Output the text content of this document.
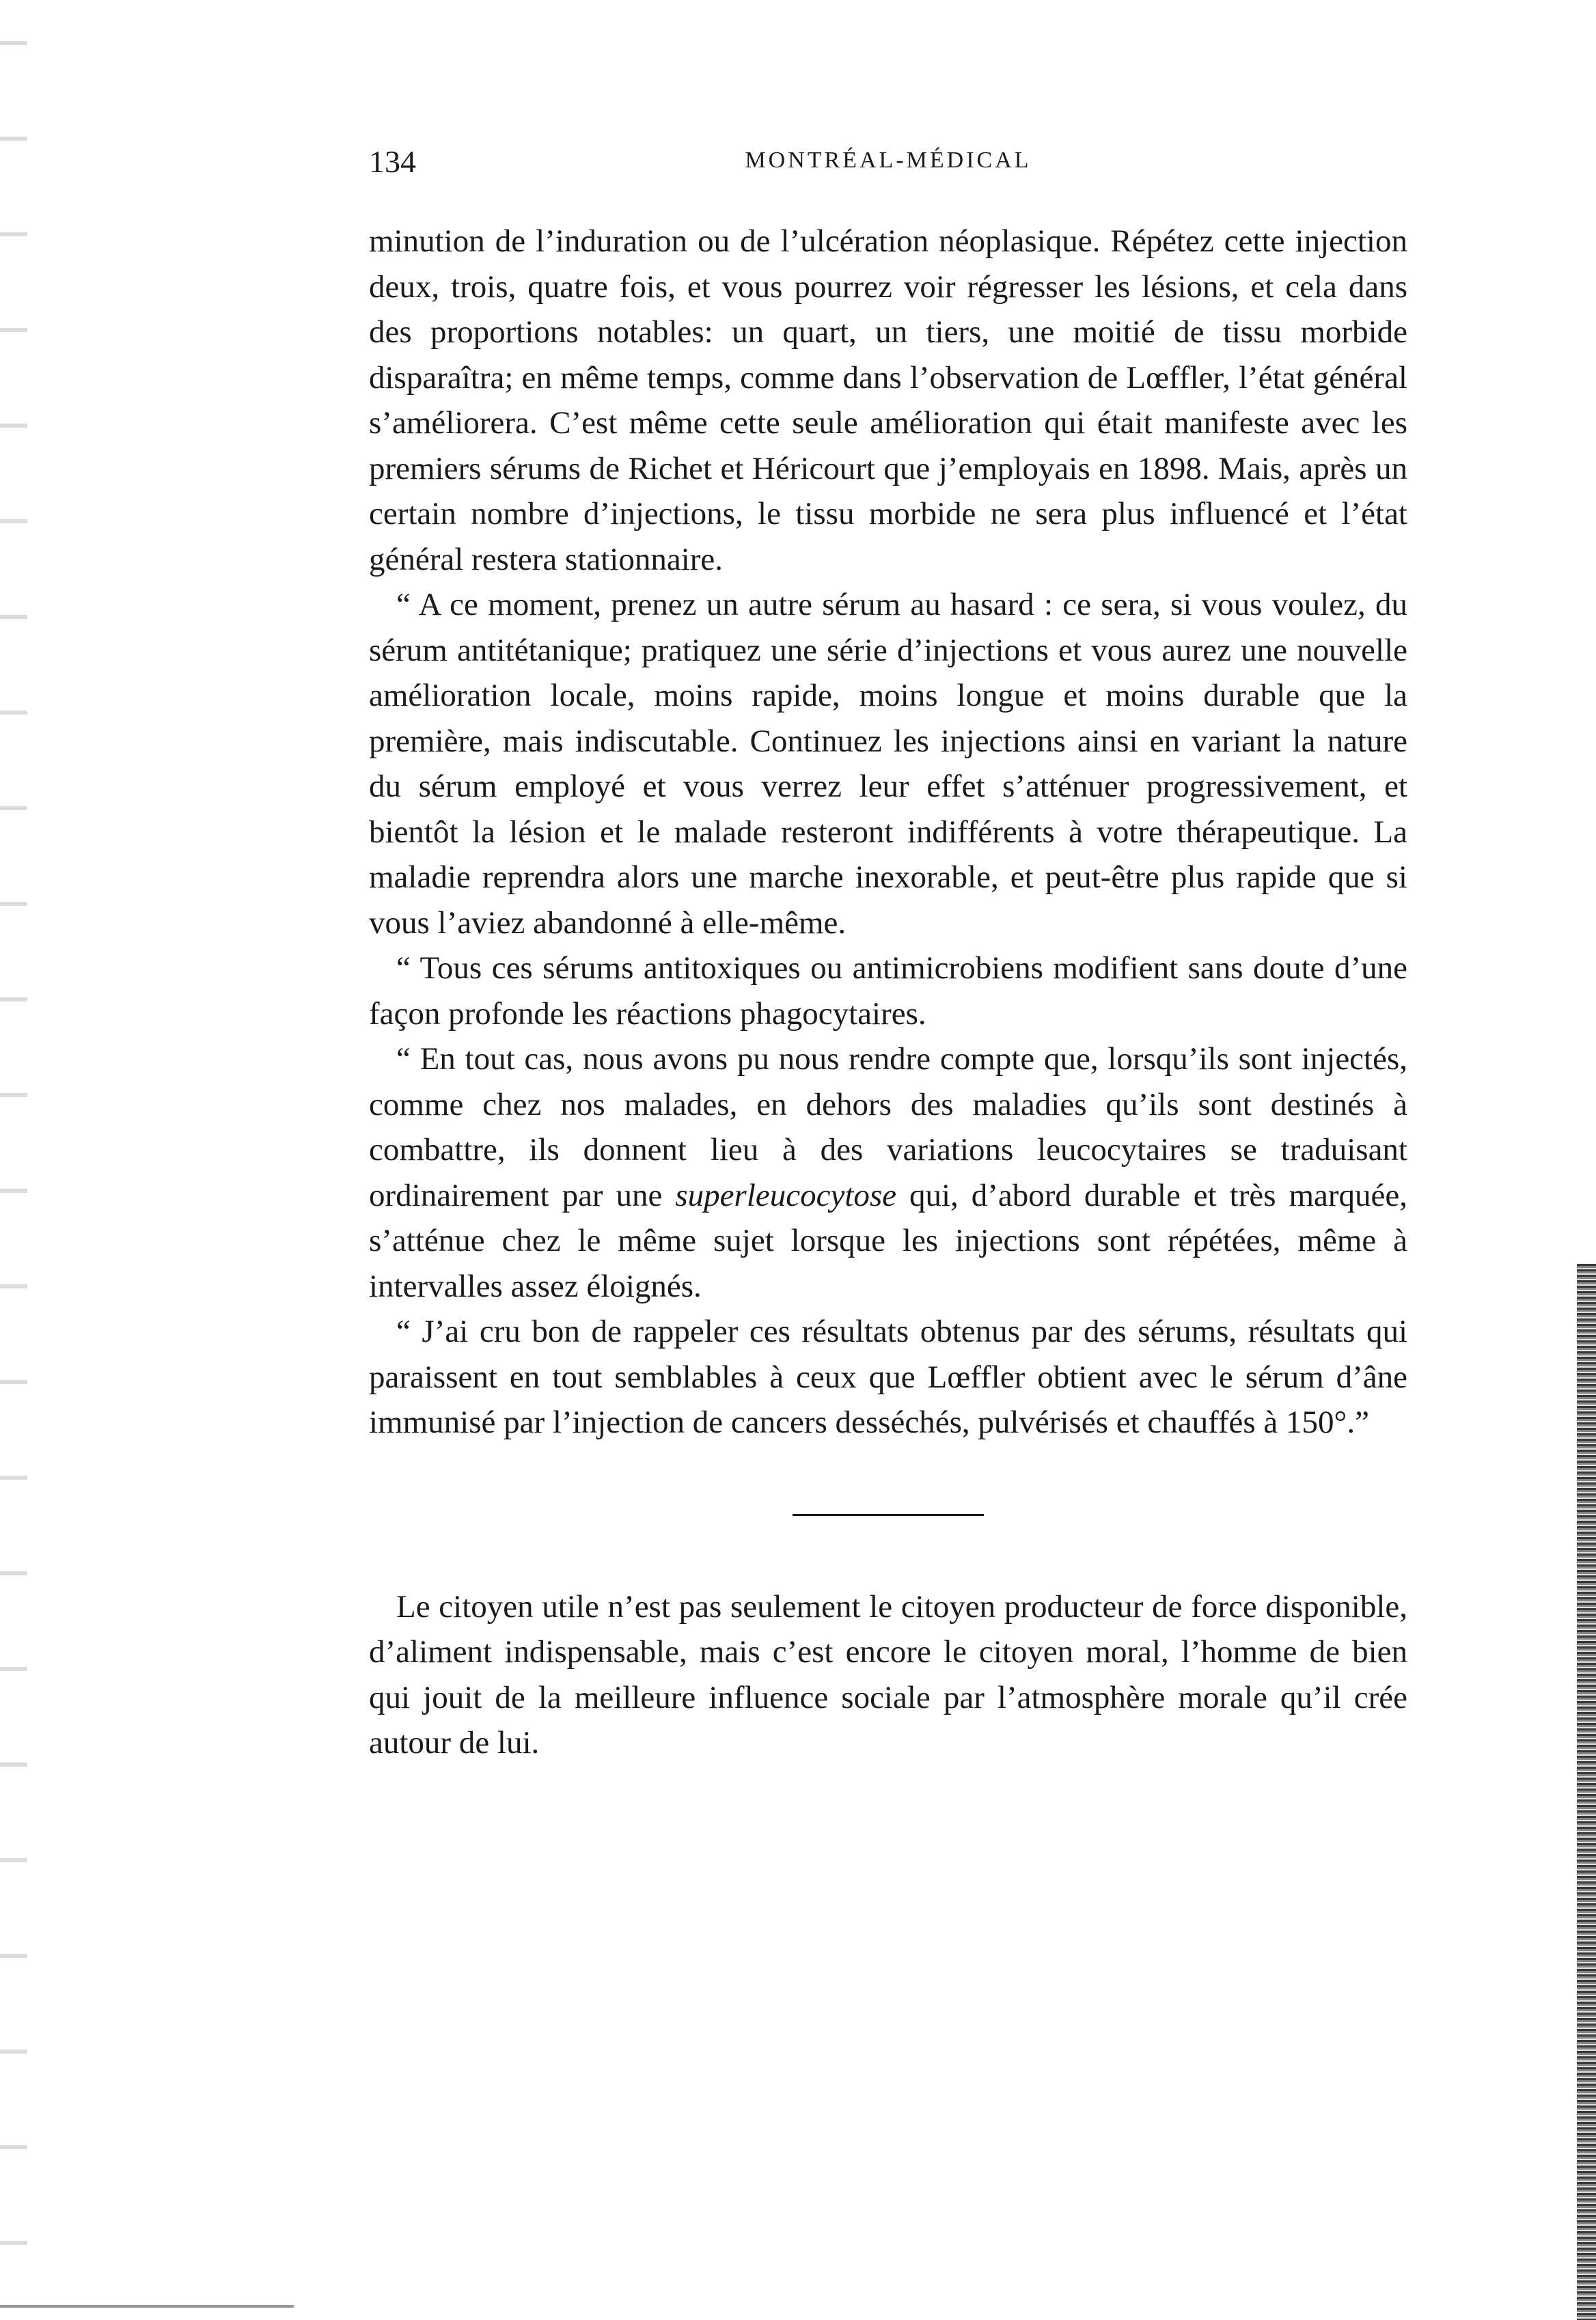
134	MONTRÉAL-MÉDICAL

minution de l’induration ou de l’ulcération néoplasique. Répétez cette injection deux, trois, quatre fois, et vous pourrez voir régresser les lésions, et cela dans des proportions notables: un quart, un tiers, une moitié de tissu morbide disparaîtra; en même temps, comme dans l’observation de Lœffler, l’état général s’améliorera. C’est même cette seule amélioration qui était manifeste avec les premiers sérums de Richet et Héricourt que j’employais en 1898. Mais, après un certain nombre d’injections, le tissu morbide ne sera plus influencé et l’état général restera stationnaire.

“ A ce moment, prenez un autre sérum au hasard : ce sera, si vous voulez, du sérum antitétanique; pratiquez une série d’injections et vous aurez une nouvelle amélioration locale, moins rapide, moins longue et moins durable que la première, mais indiscutable. Continuez les injections ainsi en variant la nature du sérum employé et vous verrez leur effet s’atténuer progressivement, et bientôt la lésion et le malade resteront indifférents à votre thérapeutique. La maladie reprendra alors une marche inexorable, et peut-être plus rapide que si vous l’aviez abandonné à elle-même.

“ Tous ces sérums antitoxiques ou antimicrobiens modifient sans doute d’une façon profonde les réactions phagocytaires.

“ En tout cas, nous avons pu nous rendre compte que, lorsqu’ils sont injectés, comme chez nos malades, en dehors des maladies qu’ils sont destinés à combattre, ils donnent lieu à des variations leucocytaires se traduisant ordinairement par une superleucocytose qui, d’abord durable et très marquée, s’atténue chez le même sujet lorsque les injections sont répétées, même à intervalles assez éloignés.

“ J’ai cru bon de rappeler ces résultats obtenus par des sérums, résultats qui paraissent en tout semblables à ceux que Lœffler obtient avec le sérum d’âne immunisé par l’injection de cancers desséchés, pulvérisés et chauffés à 150°.”

Le citoyen utile n’est pas seulement le citoyen producteur de force disponible, d’aliment indispensable, mais c’est encore le citoyen moral, l’homme de bien qui jouit de la meilleure influence sociale par l’atmosphère morale qu’il crée autour de lui.
